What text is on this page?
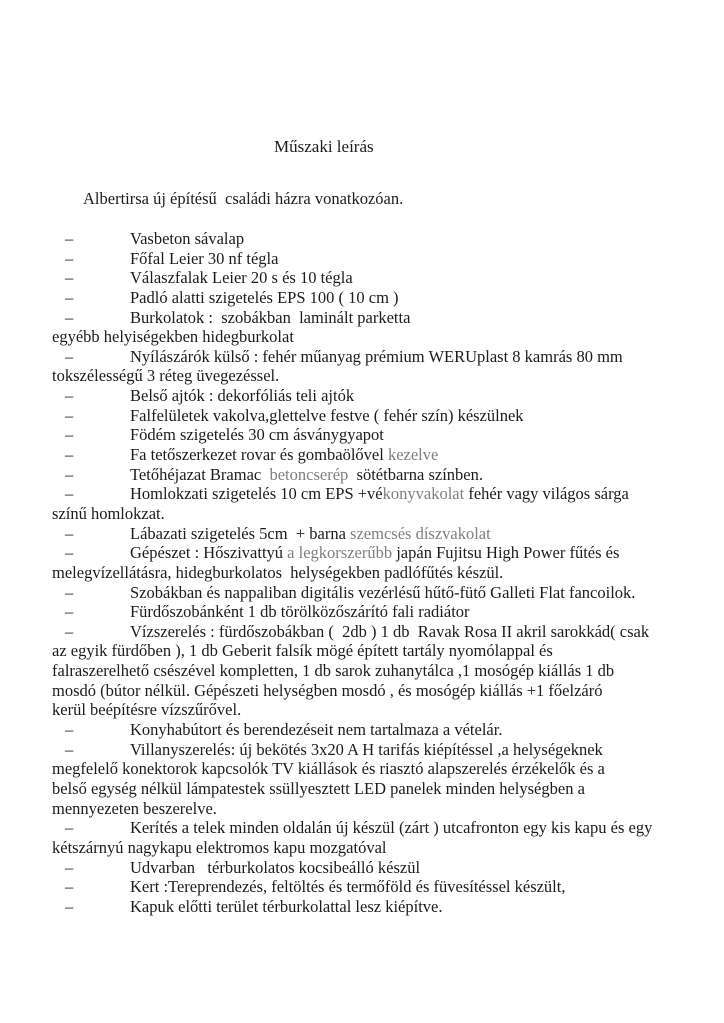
Műszaki leírás
Albertirsa új építésű  családi házra vonatkozóan.
–	Vasbeton sávalap
–	Főfal Leier 30 nf tégla
–	Válaszfalak Leier 20 s és 10 tégla
–	Padló alatti szigetelés EPS 100 ( 10 cm )
–	Burkolatok :  szobákban  laminált parketta
egyébb helyiségekben hidegburkolat
–	Nyílászárók külső : fehér műanyag prémium WERUplast 8 kamrás 80 mm
tokszélességű 3 réteg üvegezéssel.
–	Belső ajtók : dekorfóliás teli ajtók
–	Falfelületek vakolva,glettelve festve ( fehér szín) készülnek
–	Födém szigetelés 30 cm ásványgyapot
–	Fa tetőszerkezet rovar és gombaölővel kezelve
–	Tetőhéjazat Bramac  betoncserép  sötétbarna színben.
–	Homlokzati szigetelés 10 cm EPS +vékonyvakolat fehér vagy világos sárga
színű homlokzat.
–	Lábazati szigetelés 5cm  + barna szemcsés díszvakolat
–	Gépészet : Hőszivattyú a legkorszerűbb japán Fujitsu High Power fűtés és
melegvízellátásra, hidegburkolatos  helységekben padlófűtés készül.
–	Szobákban és nappaliban digitális vezérlésű hűtő-fütő Galleti Flat fancoilok.
–	Fürdőszobánként 1 db törölközőszárító fali radiátor
–	Vízszerelés : fürdőszobákban (  2db ) 1 db  Ravak Rosa II akril sarokkád( csak
az egyik fürdőben ), 1 db Geberit falsík mögé épített tartály nyomólappal és
falraszerelhető csészével kompletten, 1 db sarok zuhanytálca ,1 mosógép kiállás 1 db
mosdó (bútor nélkül. Gépészeti helységben mosdó , és mosógép kiállás +1 főelzáró
kerül beépítésre vízszűrővel.
–	Konyhabútort és berendezéseit nem tartalmaza a vételár.
–	Villanyszerelés: új bekötés 3x20 A H tarifás kiépítéssel ,a helységeknek
megfelelő konektorok kapcsolók TV kiállások és riasztó alapszerelés érzékelők és a
belső egység nélkül lámpatestek ssüllyesztett LED panelek minden helységben a
mennyezeten beszerelve.
–	Kerítés a telek minden oldalán új készül (zárt ) utcafronton egy kis kapu és egy
kétszárnyú nagykapu elektromos kapu mozgatóval
–	Udvarban   térburkolatos kocsibeálló készül
–	Kert :Tereprendezés, feltöltés és termőföld és füvesítéssel készült,
–	Kapuk előtti terület térburkolattal lesz kiépítve.
